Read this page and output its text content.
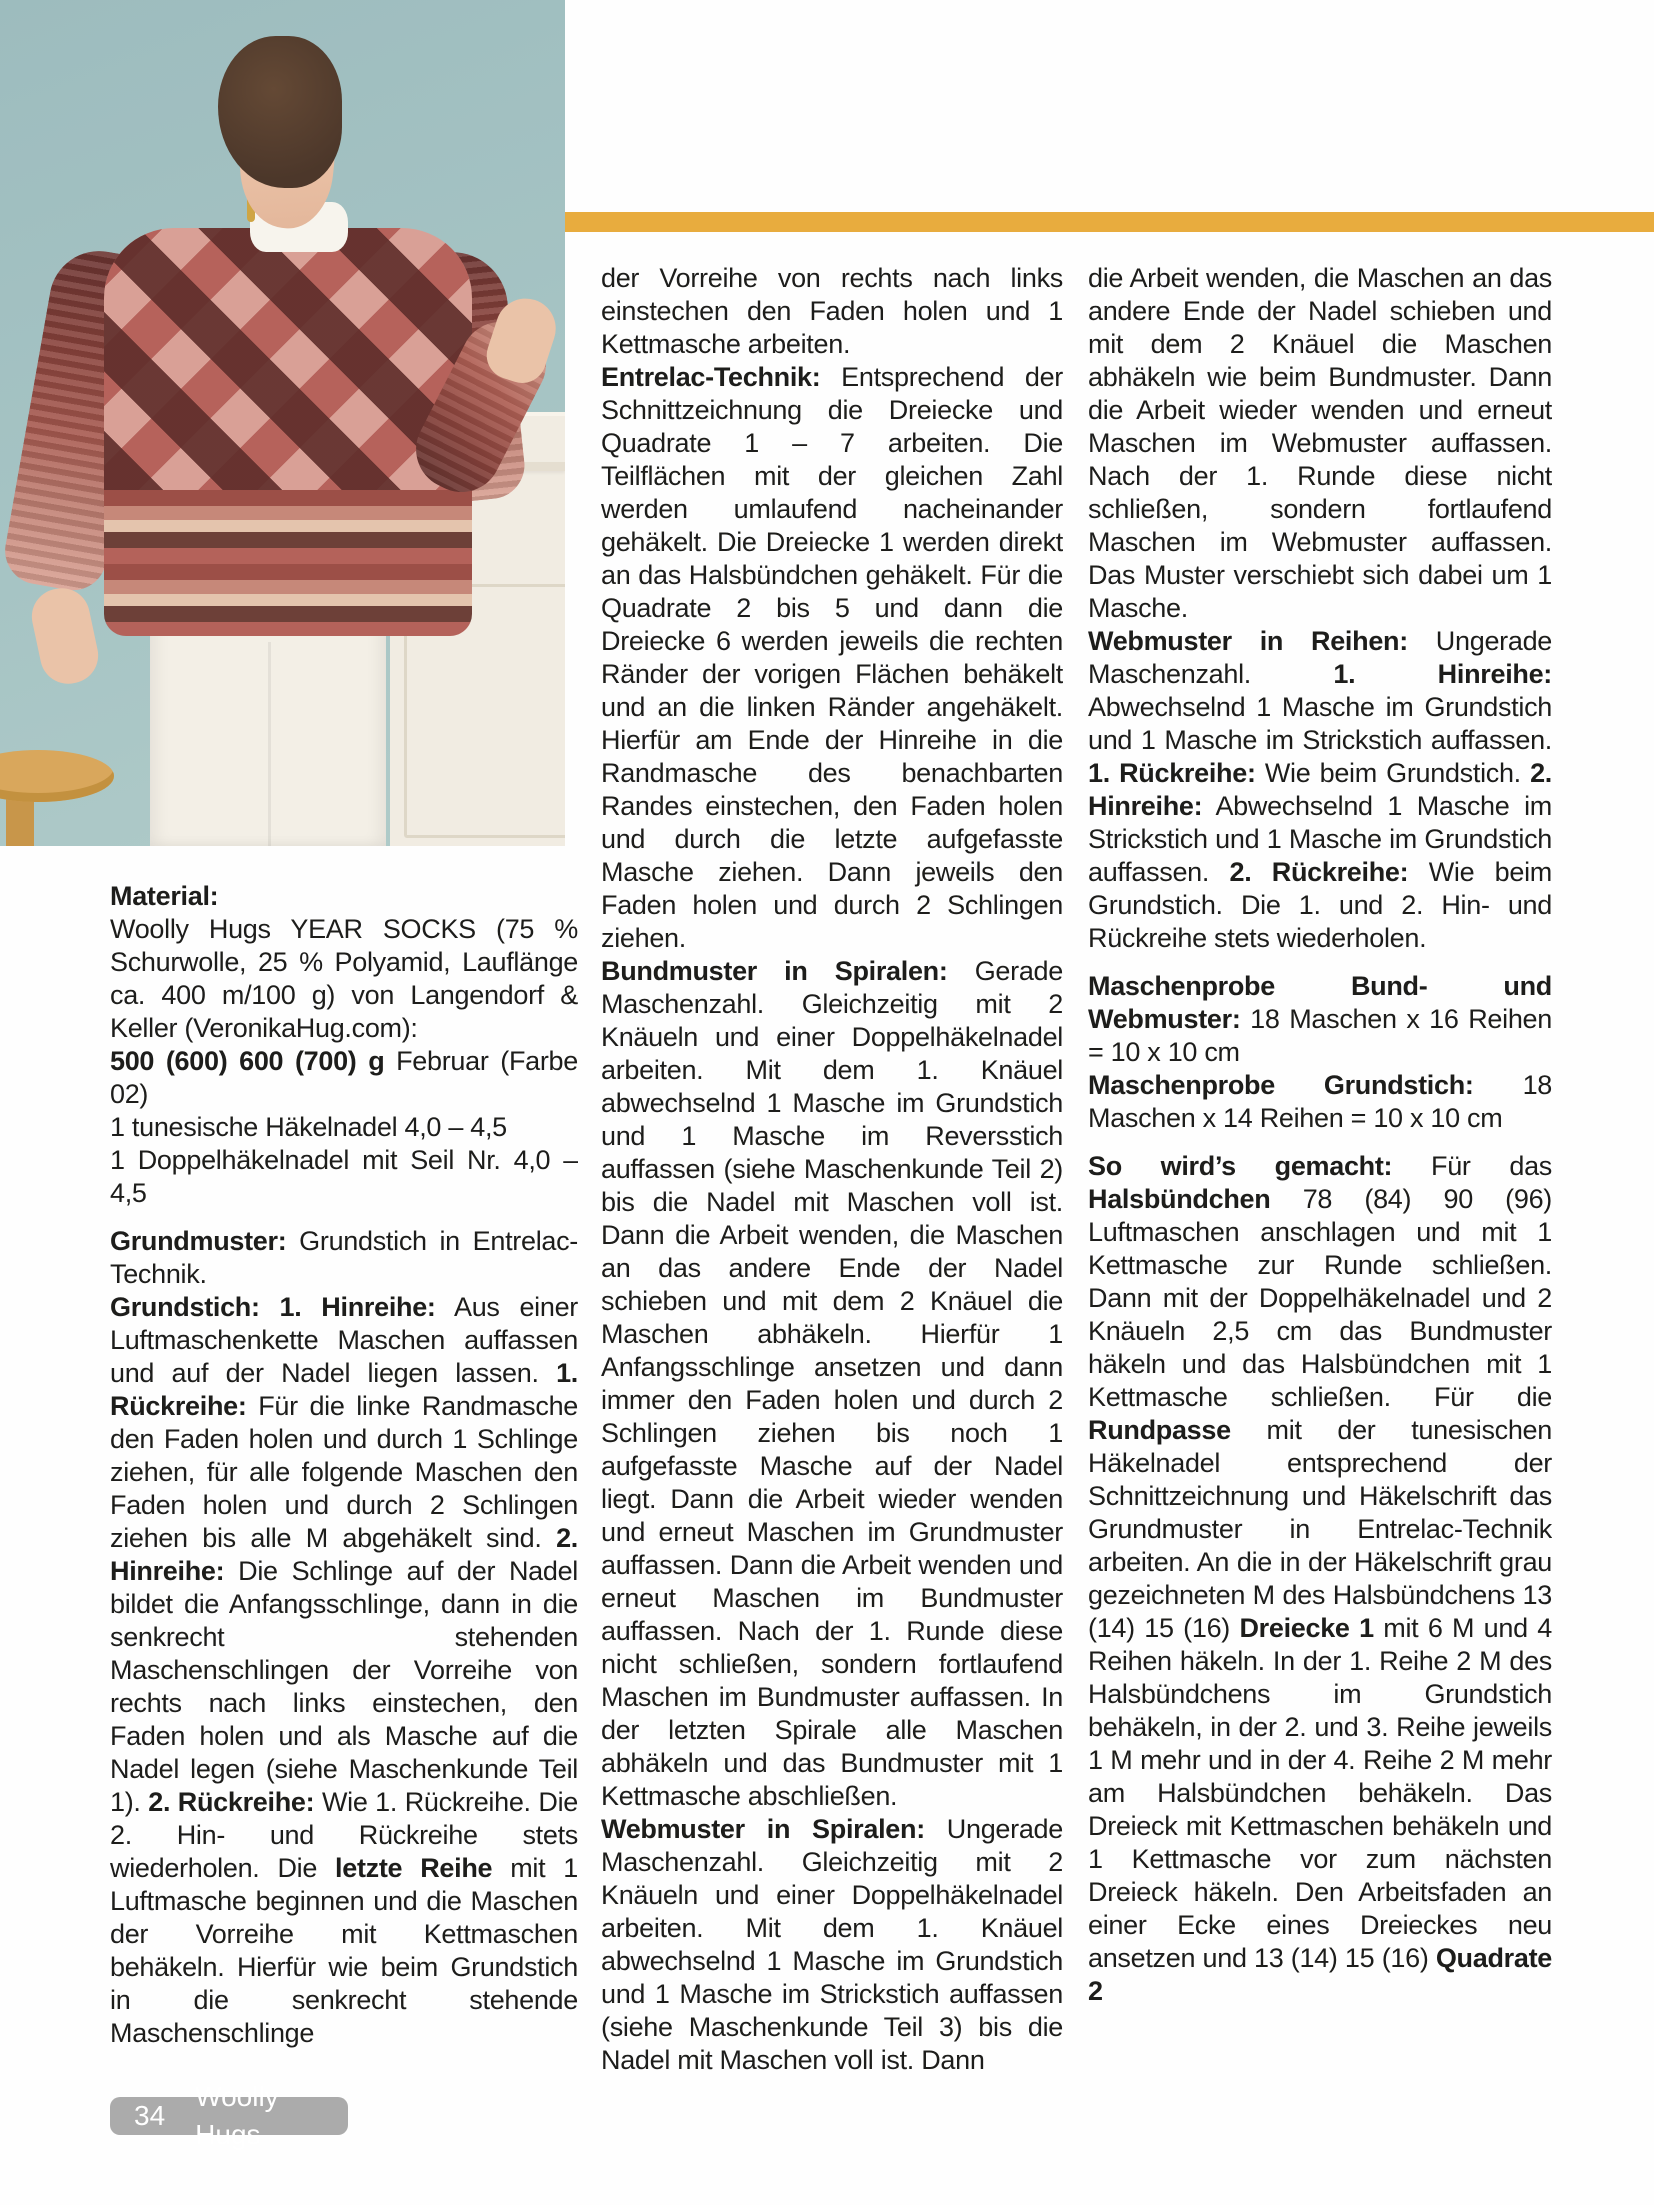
Material:

Woolly Hugs YEAR SOCKS (75 % Schurwolle, 25 % Polyamid, Lauflänge ca. 400 m/100 g) von Langendorf & Keller (VeronikaHug.com):

500 (600) 600 (700) g Februar (Farbe 02)

1 tunesische Häkelnadel 4,0 – 4,5

1 Doppelhäkelnadel mit Seil Nr. 4,0 – 4,5

Grundmuster: Grundstich in Entrelac-Technik.

Grundstich: 1. Hinreihe: Aus einer Luftmaschenkette Maschen auffassen und auf der Nadel liegen lassen. 1. Rückreihe: Für die linke Randmasche den Faden holen und durch 1 Schlinge ziehen, für alle folgende Maschen den Faden holen und durch 2 Schlingen ziehen bis alle M abgehäkelt sind. 2. Hinreihe: Die Schlinge auf der Nadel bildet die Anfangsschlinge, dann in die senkrecht stehenden Maschenschlingen der Vorreihe von rechts nach links einstechen, den Faden holen und als Masche auf die Nadel legen (siehe Maschenkunde Teil 1). 2. Rückreihe: Wie 1. Rückreihe. Die 2. Hin- und Rückreihe stets wiederholen. Die letzte Reihe mit 1 Luftmasche beginnen und die Maschen der Vorreihe mit Kettmaschen behäkeln. Hierfür wie beim Grundstich in die senkrecht stehende Maschenschlinge

der Vorreihe von rechts nach links einstechen den Faden holen und 1 Kettmasche arbeiten.

Entrelac-Technik: Entsprechend der Schnittzeichnung die Dreiecke und Quadrate 1 – 7 arbeiten. Die Teilflächen mit der gleichen Zahl werden umlaufend nacheinander gehäkelt. Die Dreiecke 1 werden direkt an das Halsbündchen gehäkelt. Für die Quadrate 2 bis 5 und dann die Dreiecke 6 werden jeweils die rechten Ränder der vorigen Flächen behäkelt und an die linken Ränder angehäkelt. Hierfür am Ende der Hinreihe in die Randmasche des benachbarten Randes einstechen, den Faden holen und durch die letzte aufgefasste Masche ziehen. Dann jeweils den Faden holen und durch 2 Schlingen ziehen.

Bundmuster in Spiralen: Gerade Maschenzahl. Gleichzeitig mit 2 Knäueln und einer Doppelhäkelnadel arbeiten. Mit dem 1. Knäuel abwechselnd 1 Masche im Grundstich und 1 Masche im Reversstich auffassen (siehe Maschenkunde Teil 2) bis die Nadel mit Maschen voll ist. Dann die Arbeit wenden, die Maschen an das andere Ende der Nadel schieben und mit dem 2 Knäuel die Maschen abhäkeln. Hierfür 1 Anfangsschlinge ansetzen und dann immer den Faden holen und durch 2 Schlingen ziehen bis noch 1 aufgefasste Masche auf der Nadel liegt. Dann die Arbeit wieder wenden und erneut Maschen im Grundmuster auffassen. Dann die Arbeit wenden und erneut Maschen im Bundmuster auffassen. Nach der 1. Runde diese nicht schließen, sondern fortlaufend Maschen im Bundmuster auffassen. In der letzten Spirale alle Maschen abhäkeln und das Bundmuster mit 1 Kettmasche abschließen.

Webmuster in Spiralen: Ungerade Maschenzahl. Gleichzeitig mit 2 Knäueln und einer Doppelhäkelnadel arbeiten. Mit dem 1. Knäuel abwechselnd 1 Masche im Grundstich und 1 Masche im Strickstich auffassen (siehe Maschenkunde Teil 3) bis die Nadel mit Maschen voll ist. Dann

die Arbeit wenden, die Maschen an das andere Ende der Nadel schieben und mit dem 2 Knäuel die Maschen abhäkeln wie beim Bundmuster. Dann die Arbeit wieder wenden und erneut Maschen im Webmuster auffassen. Nach der 1. Runde diese nicht schließen, sondern fortlaufend Maschen im Webmuster auffassen. Das Muster verschiebt sich dabei um 1 Masche.

Webmuster in Reihen: Ungerade Maschenzahl. 1. Hinreihe: Abwechselnd 1 Masche im Grundstich und 1 Masche im Strickstich auffassen. 1. Rückreihe: Wie beim Grundstich. 2. Hinreihe: Abwechselnd 1 Masche im Strickstich und 1 Masche im Grundstich auffassen. 2. Rückreihe: Wie beim Grundstich. Die 1. und 2. Hin- und Rückreihe stets wiederholen.

Maschenprobe Bund- und Webmuster: 18 Maschen x 16 Reihen = 10 x 10 cm

Maschenprobe Grundstich: 18 Maschen x 14 Reihen = 10 x 10 cm

So wird’s gemacht: Für das Halsbündchen 78 (84) 90 (96) Luftmaschen anschlagen und mit 1 Kettmasche zur Runde schließen. Dann mit der Doppelhäkelnadel und 2 Knäueln 2,5 cm das Bundmuster häkeln und das Halsbündchen mit 1 Kettmasche schließen. Für die Rundpasse mit der tunesischen Häkelnadel entsprechend der Schnittzeichnung und Häkelschrift das Grundmuster in Entrelac-Technik arbeiten. An die in der Häkelschrift grau gezeichneten M des Halsbündchens 13 (14) 15 (16) Dreiecke 1 mit 6 M und 4 Reihen häkeln. In der 1. Reihe 2 M des Halsbündchens im Grundstich behäkeln, in der 2. und 3. Reihe jeweils 1 M mehr und in der 4. Reihe 2 M mehr am Halsbündchen behäkeln. Das Dreieck mit Kettmaschen behäkeln und 1 Kettmasche vor zum nächsten Dreieck häkeln. Den Arbeitsfaden an einer Ecke eines Dreieckes neu ansetzen und 13 (14) 15 (16) Quadrate 2

34
Woolly Hugs
